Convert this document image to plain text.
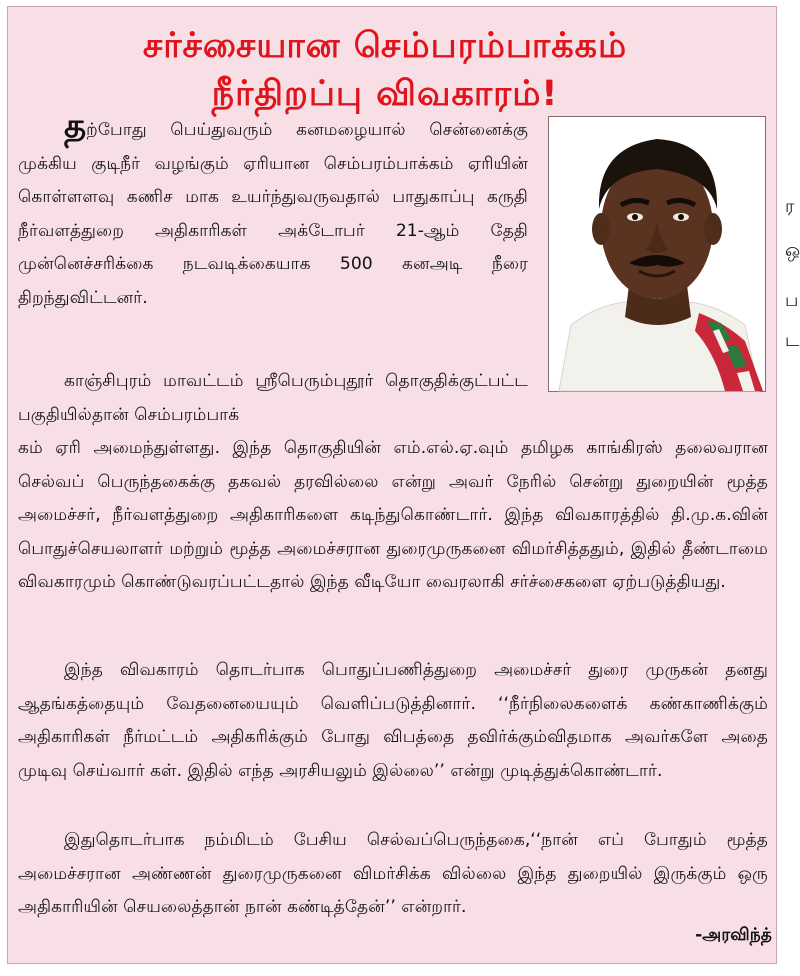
ர
ஒ
ப
ட
சர்ச்சையான செம்பரம்பாக்கம்
நீர்திறப்பு விவகாரம்!

தற்போது பெய்துவரும் கனமழையால் சென்னைக்கு முக்கிய குடிநீர் வழங்கும் ஏரியான செம்பரம்பாக்கம் ஏரியின் கொள்ளளவு கணிச மாக உயர்ந்துவருவதால் பாதுகாப்பு கருதி நீர்வளத்துறை அதிகாரிகள் அக்டோபர் 21-ஆம் தேதி முன்னெச்சரிக்கை நடவடிக்கையாக 500 கனஅடி நீரை திறந்துவிட்டனர்.

காஞ்சிபுரம் மாவட்டம் ஸ்ரீபெரும்புதூர் தொகுதிக்குட்பட்ட பகுதியில்தான் செம்பரம்பாக்

கம் ஏரி அமைந்துள்ளது. இந்த தொகுதியின் எம்.எல்.ஏ.வும் தமிழக காங்கிரஸ் தலைவரான செல்வப் பெருந்தகைக்கு தகவல் தரவில்லை என்று அவர் நேரில் சென்று துறையின் மூத்த அமைச்சர், நீர்வளத்துறை அதிகாரிகளை கடிந்துகொண்டார். இந்த விவகாரத்தில் தி.மு.க.வின் பொதுச்செயலாளர் மற்றும் மூத்த அமைச்சரான துரைமுருகனை விமர்சித்ததும், இதில் தீண்டாமை விவகாரமும் கொண்டுவரப்பட்டதால் இந்த வீடியோ வைரலாகி சர்ச்சைகளை ஏற்படுத்தியது.

இந்த விவகாரம் தொடர்பாக பொதுப்பணித்துறை அமைச்சர் துரை முருகன் தனது ஆதங்கத்தையும் வேதனையையும் வெளிப்படுத்தினார். ‘‘நீர்நிலைகளைக் கண்காணிக்கும் அதிகாரிகள் நீர்மட்டம் அதிகரிக்கும் போது விபத்தை தவிர்க்கும்விதமாக அவர்களே அதை முடிவு செய்வார் கள். இதில் எந்த அரசியலும் இல்லை’’ என்று முடித்துக்கொண்டார்.

இதுதொடர்பாக நம்மிடம் பேசிய செல்வப்பெருந்தகை,‘‘நான் எப் போதும் மூத்த அமைச்சரான அண்ணன் துரைமுருகனை விமர்சிக்க வில்லை இந்த துறையில் இருக்கும் ஒரு அதிகாரியின் செயலைத்தான் நான் கண்டித்தேன்’’ என்றார்.

-அரவிந்த்
